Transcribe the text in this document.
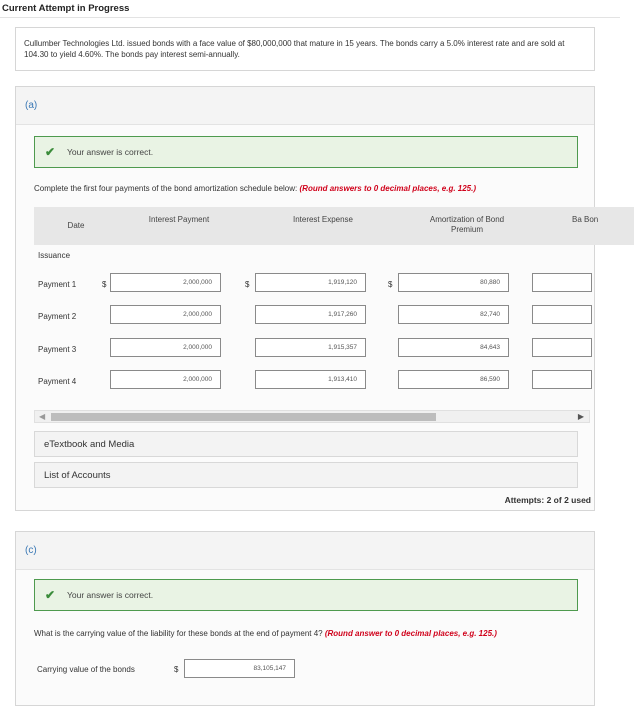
Current Attempt in Progress
Cullumber Technologies Ltd. issued bonds with a face value of $80,000,000 that mature in 15 years. The bonds carry a 5.0% interest rate and are sold at 104.30 to yield 4.60%. The bonds pay interest semi-annually.
(a)
✔ Your answer is correct.
Complete the first four payments of the bond amortization schedule below: (Round answers to 0 decimal places, e.g. 125.)
Date
Interest Payment	Interest Expense	Amortization of Bond Premium
Ba Bon
Issuance
Payment 1	$	2,000,000	$	1,919,120	$	80,880
Payment 2	2,000,000	1,917,260	82,740
Payment 3	2,000,000	1,915,357	84,643
Payment 4	2,000,000	1,913,410	86,590
◀	▶
eTextbook and Media
List of Accounts
Attempts: 2 of 2 used
(c)
✔ Your answer is correct.
What is the carrying value of the liability for these bonds at the end of payment 4? (Round answer to 0 decimal places, e.g. 125.)
Carrying value of the bonds	$	83,105,147
